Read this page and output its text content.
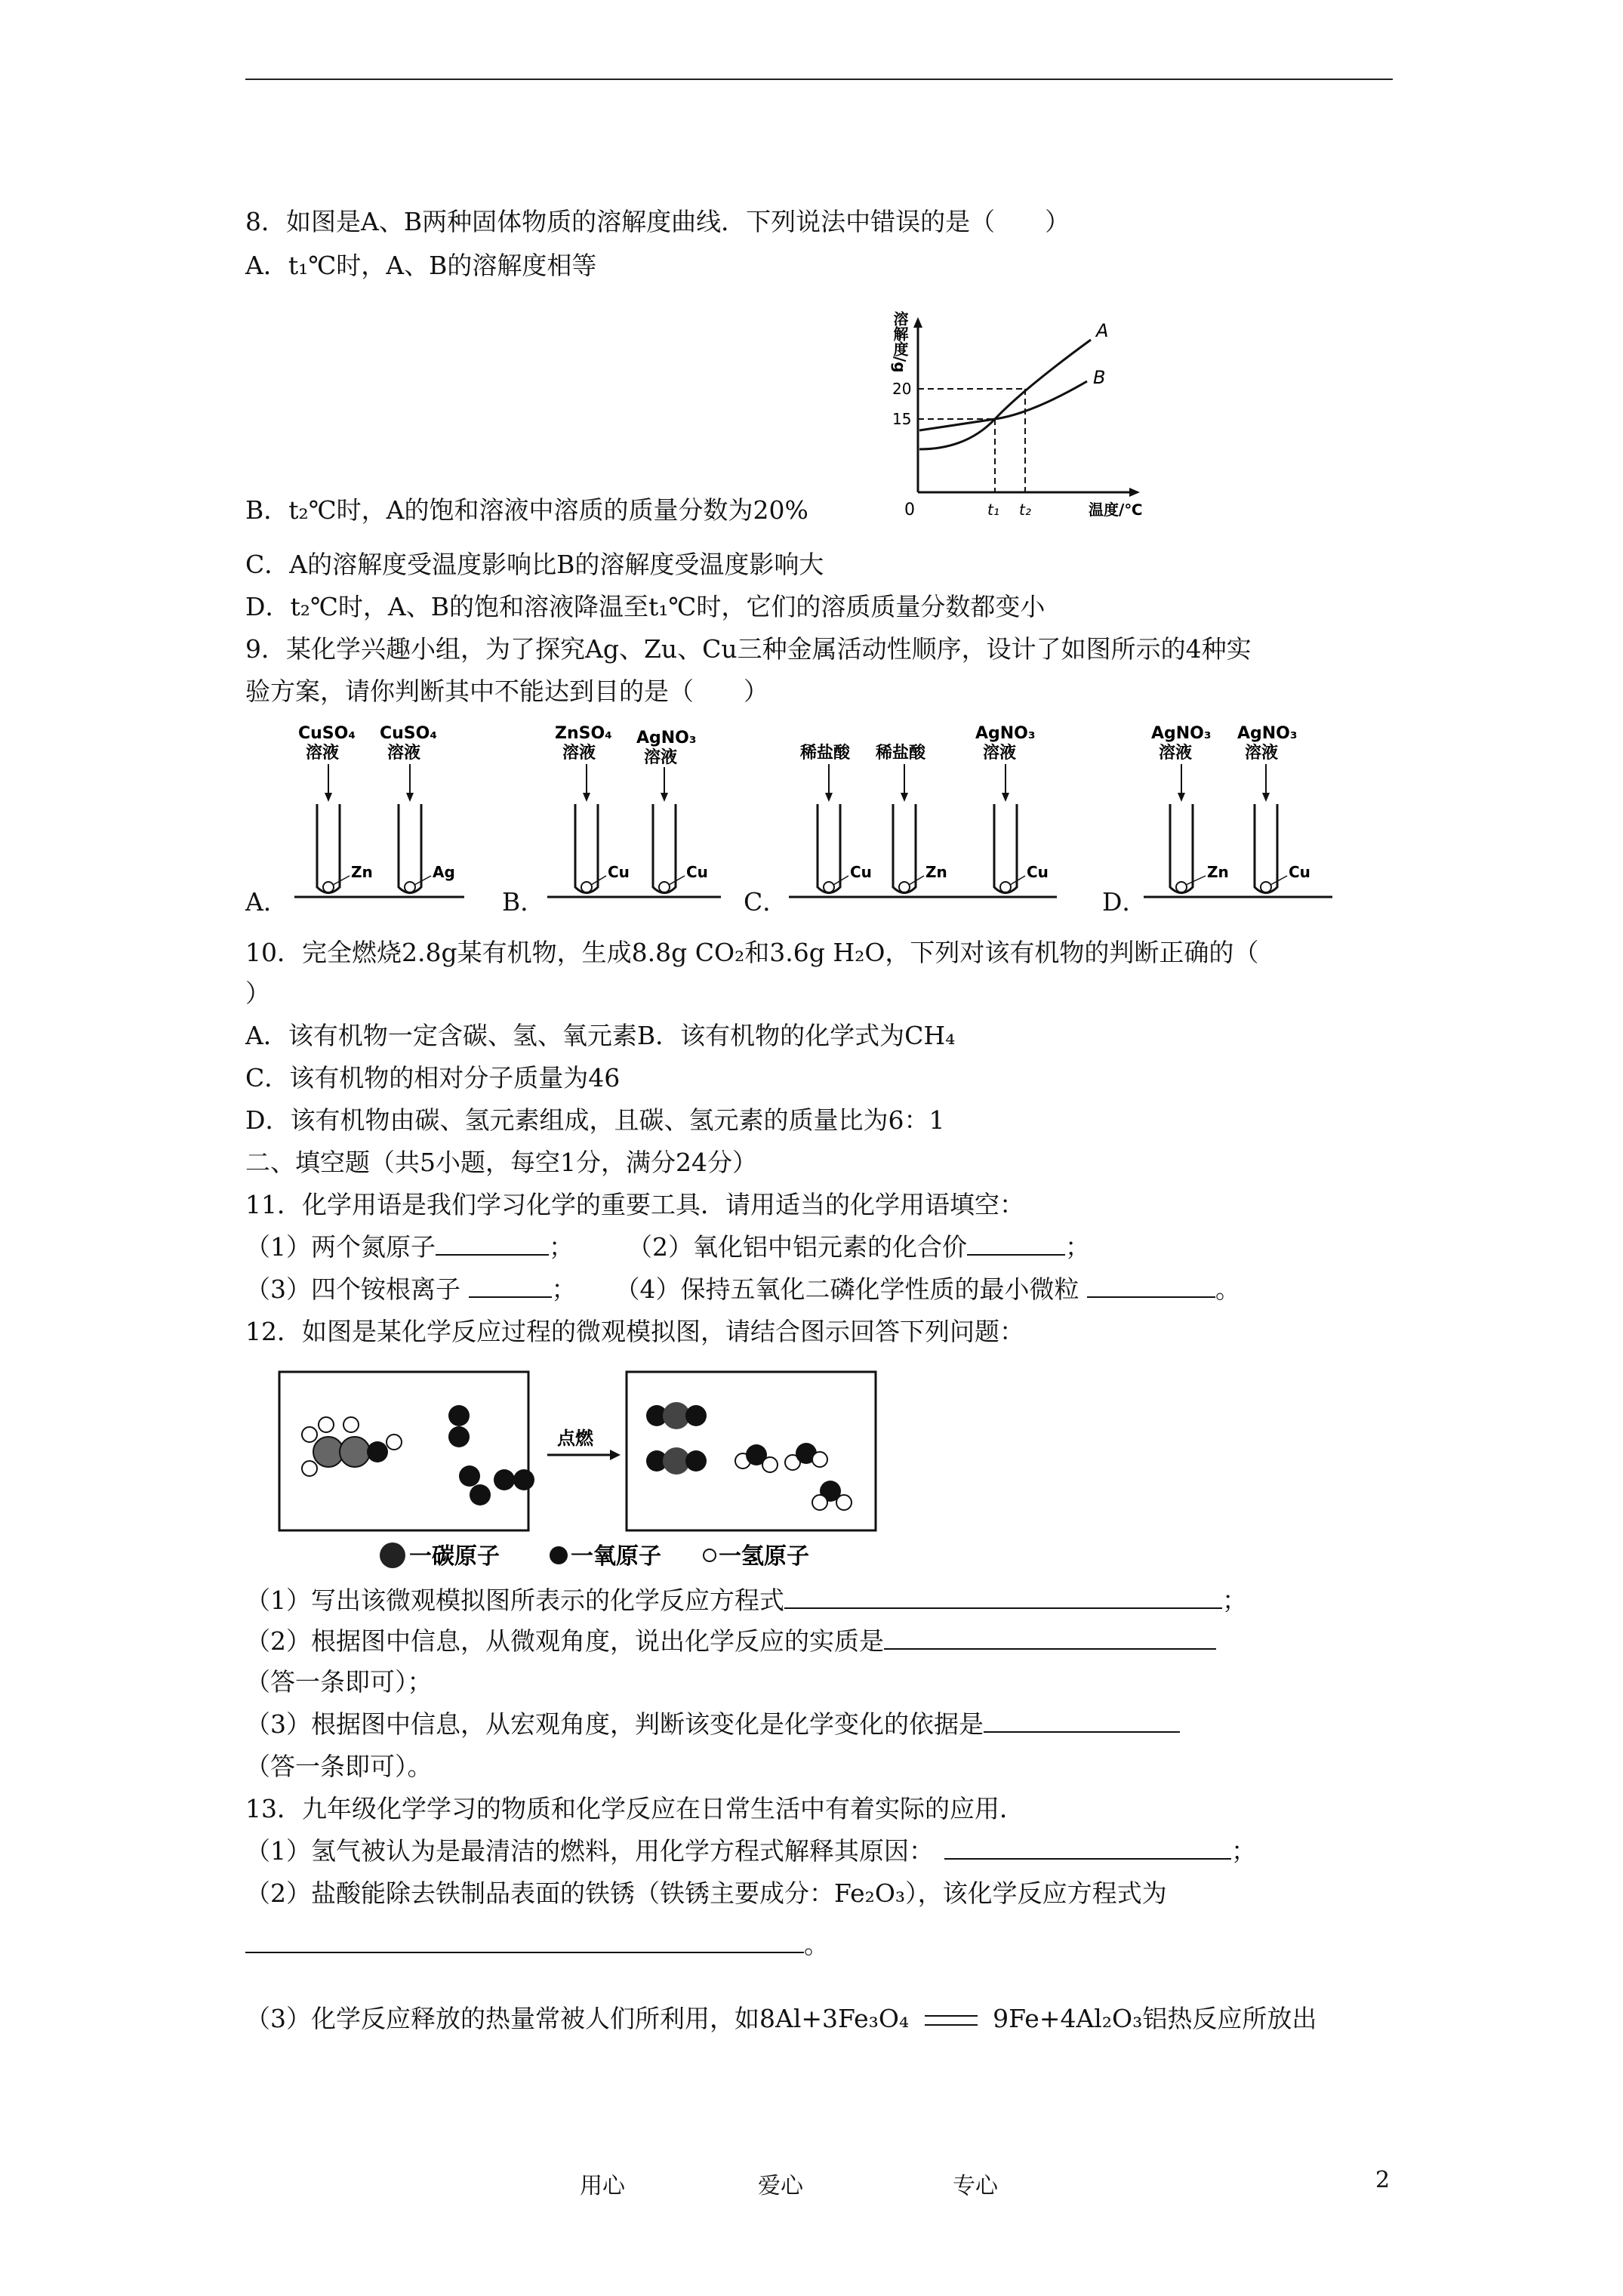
8．如图是A、B两种固体物质的溶解度曲线．下列说法中错误的是（　　）
A．t₁℃时，A、B的溶解度相等
溶解度/g
0	温度/℃
20
15
t₁ t₂
A
B
B．t₂℃时，A的饱和溶液中溶质的质量分数为20%
C．A的溶解度受温度影响比B的溶解度受温度影响大
D．t₂℃时，A、B的饱和溶液降温至t₁℃时，它们的溶质质量分数都变小
9．某化学兴趣小组，为了探究Ag、Zu、Cu三种金属活动性顺序，设计了如图所示的4种实
验方案，请你判断其中不能达到目的是（　　）
A．
CuSO₄
溶液
CuSO₄
溶液
Zn	Ag
B．
ZnSO₄
溶液
AgNO₃
溶液
Cu	Cu
C．
稀盐酸 稀盐酸
AgNO₃
溶液
Cu	Zn	Cu
D．
AgNO₃
溶液
AgNO₃
溶液
Zn	Cu
10．完全燃烧2.8g某有机物，生成8.8g CO₂和3.6g H₂O，下列对该有机物的判断正确的（
）
A．该有机物一定含碳、氢、氧元素B．该有机物的化学式为CH₄
C．该有机物的相对分子质量为46
D．该有机物由碳、氢元素组成，且碳、氢元素的质量比为6：1
二、填空题（共5小题，每空1分，满分24分）
11．化学用语是我们学习化学的重要工具．请用适当的化学用语填空：
（1）两个氮原子	； （2）氧化铝中铝元素的化合价	；
（3）四个铵根离子	； （4）保持五氧化二磷化学性质的最小微粒	。
12．如图是某化学反应过程的微观模拟图，请结合图示回答下列问题：
点燃
一碳原子	一氧原子	一氢原子
（1）写出该微观模拟图所表示的化学反应方程式	；
（2）根据图中信息，从微观角度，说出化学反应的实质是
（答一条即可）；
（3）根据图中信息，从宏观角度，判断该变化是化学变化的依据是
（答一条即可）。
13．九年级化学学习的物质和化学反应在日常生活中有着实际的应用．
（1）氢气被认为是最清洁的燃料，用化学方程式解释其原因：	；
（2）盐酸能除去铁制品表面的铁锈（铁锈主要成分：Fe₂O₃），该化学反应方程式为
。
（3）化学反应释放的热量常被人们所利用，如8Al+3Fe₃O₄	9Fe+4Al₂O₃铝热反应所放出
用心	爱心	专心	2
